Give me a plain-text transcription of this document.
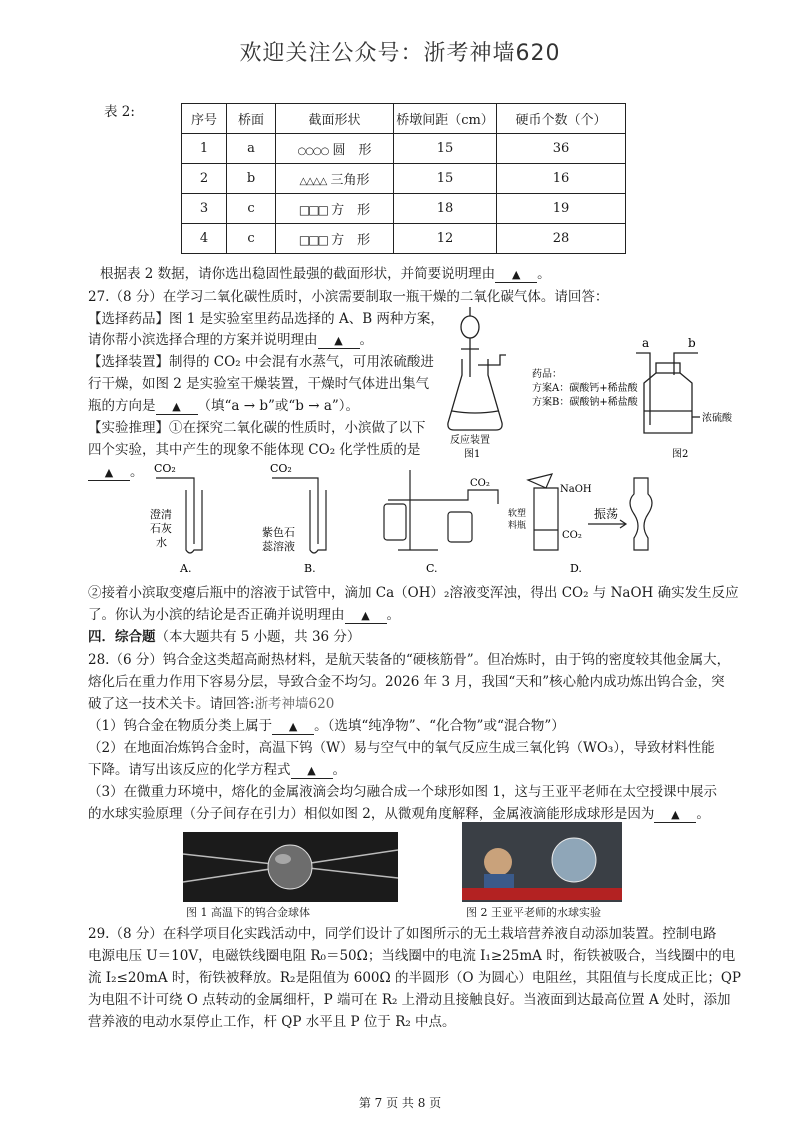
欢迎关注公众号：浙考神墙620
表 2:
序号	桥面	截面形状	桥墩间距（cm）	硬币个数（个）
1	a	○○○○ 圆　形	15	36
2	b	△△△△ 三角形	15	16
3	c	□□□ 方　形	18	19
4	c	□□□ 方　形	12	28
根据表 2 数据，请你选出稳固性最强的截面形状，并简要说明理由 ▲ 。
27.（8 分）在学习二氧化碳性质时，小滨需要制取一瓶干燥的二氧化碳气体。请回答：
【选择药品】图 1 是实验室里药品选择的 A、B 两种方案，
请你帮小滨选择合理的方案并说明理由 ▲ 。
【选择装置】制得的 CO₂ 中会混有水蒸气，可用浓硫酸进
行干燥，如图 2 是实验室干燥装置，干燥时气体进出集气
瓶的方向是 ▲ （填“a → b”或“b → a”）。
【实验推理】①在探究二氧化碳的性质时，小滨做了以下
四个实验，其中产生的现象不能体现 CO₂ 化学性质的是
▲ 。
药品：
方案A：碳酸钙+稀盐酸
方案B：碳酸钠+稀盐酸
反应装置
图1
a	b
浓硫酸
图2
CO₂
澄清
石灰
水
A.
CO₂
紫色石
蕊溶液
B.
CO₂
C.
NaOH
软塑
料瓶
CO₂
振荡
D.
②接着小滨取变瘪后瓶中的溶液于试管中，滴加 Ca（OH）₂溶液变浑浊，得出 CO₂ 与 NaOH 确实发生反应
了。你认为小滨的结论是否正确并说明理由 ▲ 。
四．综合题（本大题共有 5 小题，共 36 分）
28.（6 分）钨合金这类超高耐热材料，是航天装备的“硬核筋骨”。但冶炼时，由于钨的密度较其他金属大，
熔化后在重力作用下容易分层，导致合金不均匀。2026 年 3 月，我国“天和”核心舱内成功炼出钨合金，突
破了这一技术关卡。请回答:浙考神墙620
（1）钨合金在物质分类上属于 ▲ 。（选填“纯净物”、“化合物”或“混合物”）
（2）在地面冶炼钨合金时，高温下钨（W）易与空气中的氧气反应生成三氧化钨（WO₃），导致材料性能
下降。请写出该反应的化学方程式 ▲ 。
（3）在微重力环境中，熔化的金属液滴会均匀融合成一个球形如图 1，这与王亚平老师在太空授课中展示
的水球实验原理（分子间存在引力）相似如图 2，从微观角度解释，金属液滴能形成球形是因为 ▲ 。
图 1 高温下的钨合金球体	图 2 王亚平老师的水球实验
29.（8 分）在科学项目化实践活动中，同学们设计了如图所示的无土栽培营养液自动添加装置。控制电路
电源电压 U＝10V，电磁铁线圈电阻 R₀＝50Ω；当线圈中的电流 I₁≥25mA 时，衔铁被吸合，当线圈中的电
流 I₂≤20mA 时，衔铁被释放。R₂是阻值为 600Ω 的半圆形（O 为圆心）电阻丝，其阻值与长度成正比；QP
为电阻不计可绕 O 点转动的金属细杆，P 端可在 R₂ 上滑动且接触良好。当液面到达最高位置 A 处时，添加
营养液的电动水泵停止工作，杆 QP 水平且 P 位于 R₂ 中点。
第 7 页 共 8 页
